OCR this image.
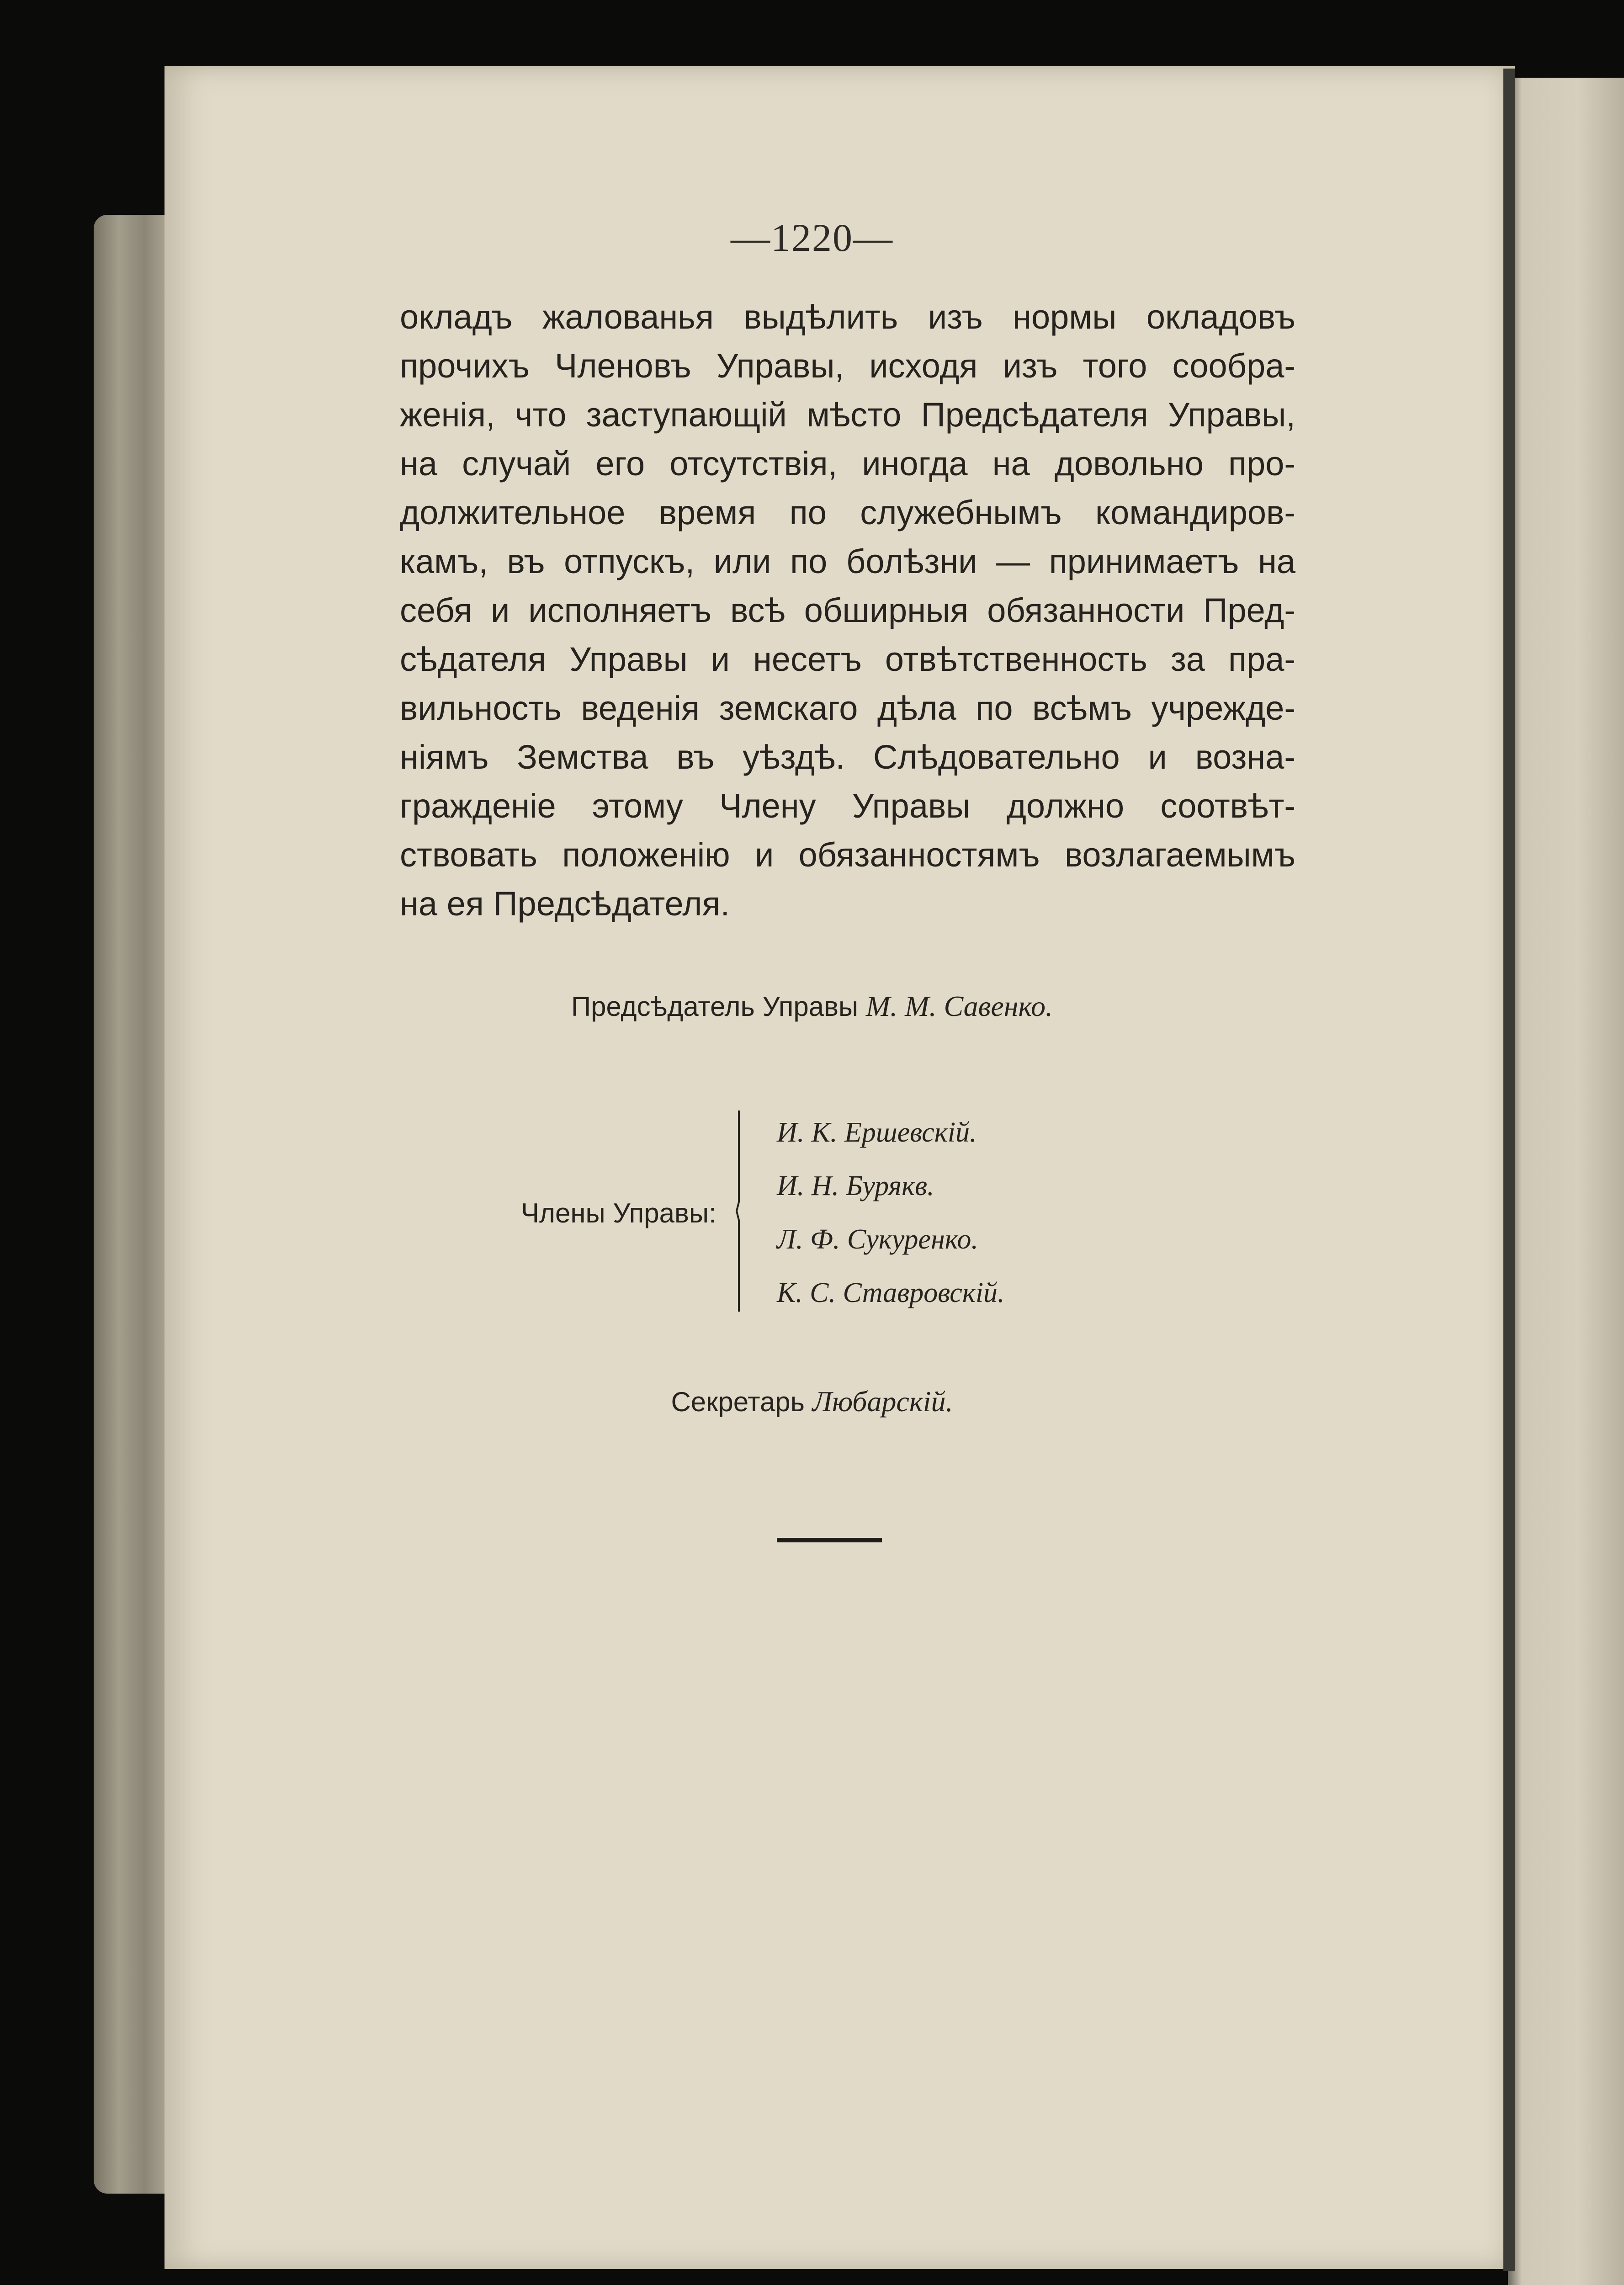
—1220—
окладъ жалованья выдѣлить изъ нормы окладовъ
прочихъ Членовъ Управы, исходя изъ того сообра-
женія, что заступающій мѣсто Предсѣдателя Управы,
на случай его отсутствія, иногда на довольно про-
должительное время по служебнымъ командиров-
камъ, въ отпускъ, или по болѣзни — принимаетъ на
себя и исполняетъ всѣ обширныя обязанности Пред-
сѣдателя Управы и несетъ отвѣтственность за пра-
вильность веденія земскаго дѣла по всѣмъ учрежде-
ніямъ Земства въ уѣздѣ. Слѣдовательно и возна-
гражденіе этому Члену Управы должно соотвѣт-
ствовать положенію и обязанностямъ возлагаемымъ
на ея Предсѣдателя.
Предсѣдатель Управы М. М. Савенко.
Члены Управы:
И. К. Ершевскій.
И. Н. Бурякв.
Л. Ф. Сукуренко.
К. С. Ставровскій.
Секретарь Любарскій.
